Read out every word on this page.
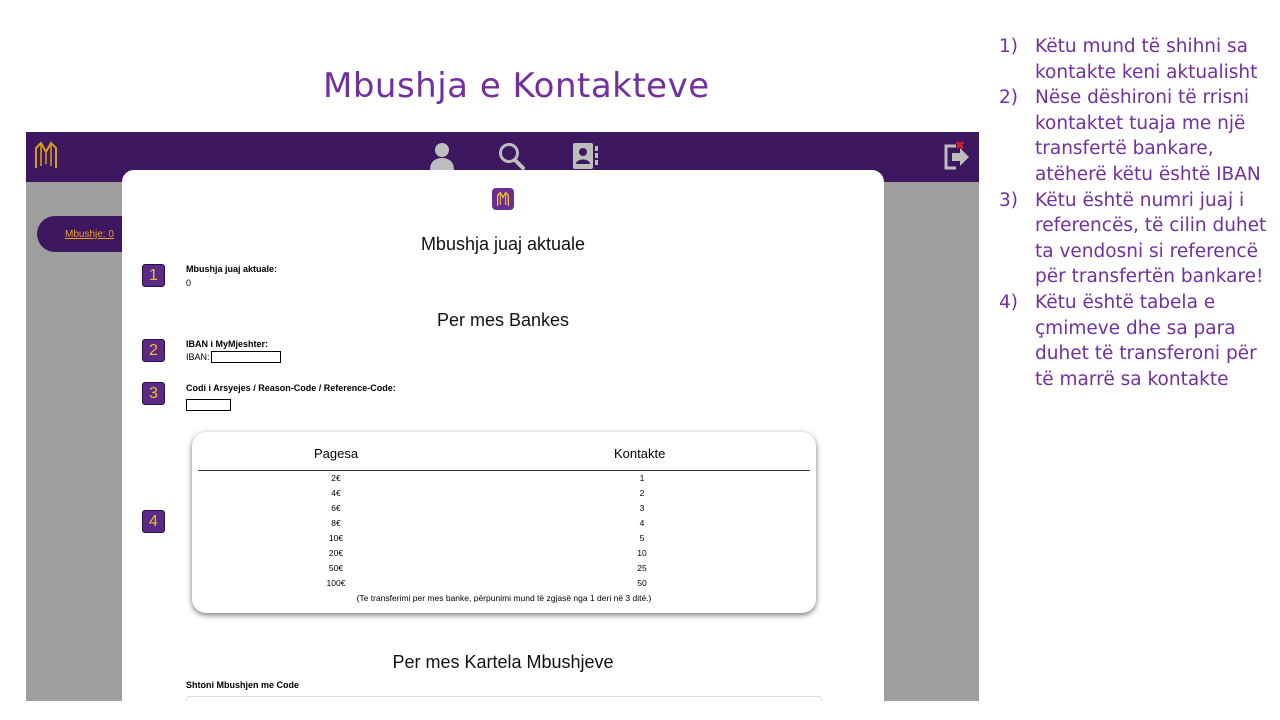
Mbushja e Kontakteve
1) Këtu mund të shihni sa kontakte keni aktualisht
2) Nëse dëshironi të rrisni kontaktet tuaja me një transfertë bankare, atëherë këtu është IBAN
3) Këtu është numri juaj i referencës, të cilin duhet ta vendosni si referencë për transfertën bankare!
4) Këtu është tabela e çmimeve dhe sa para duhet të transferoni për të marrë sa kontakte
Mbushje: 0	Mbushja juaj aktuale
Mbushja juaj aktuale:
0
Per mes Bankes
IBAN i MyMjeshter:
IBAN:
Codi i Arsyejes / Reason-Code / Reference-Code:
Pagesa	Kontakte
2€	1
4€	2
6€	3
8€	4
10€	5
20€	10
50€	25
100€	50
(Te transferimi per mes banke, përpunimi mund të zgjasë nga 1 deri në 3 ditë.)
Per mes Kartela Mbushjeve
Shtoni Mbushjen me Code
1
2
3
4
